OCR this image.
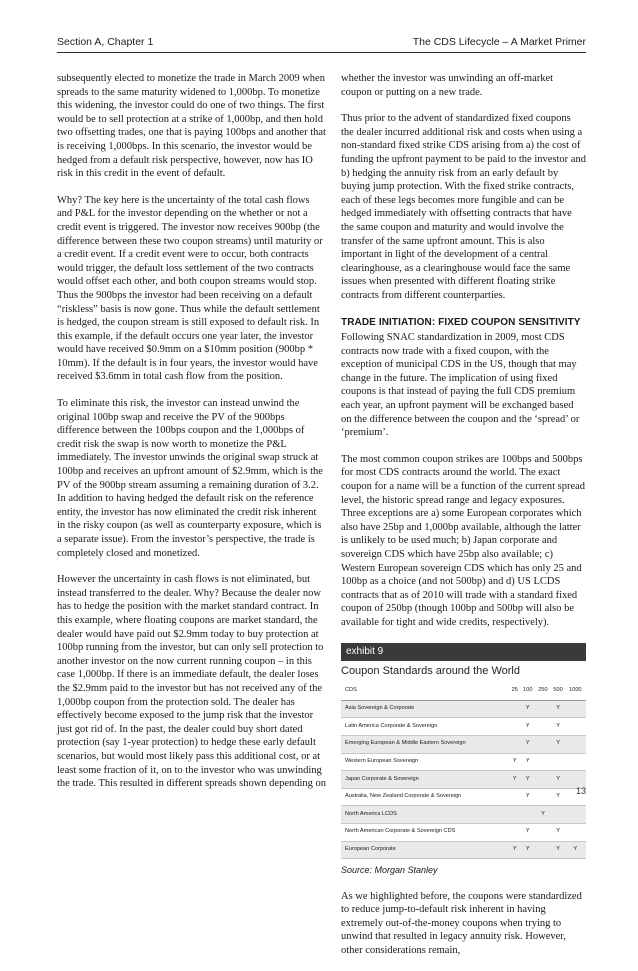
Section A, Chapter 1	The CDS Lifecycle – A Market Primer

subsequently elected to monetize the trade in March 2009 when spreads to the same maturity widened to 1,000bp. To monetize this widening, the investor could do one of two things. The first would be to sell protection at a strike of 1,000bp, and then hold two offsetting trades, one that is paying 100bps and another that is receiving 1,000bps. In this scenario, the investor would be hedged from a default risk perspective, however, now has IO risk in this credit in the event of default.

Why? The key here is the uncertainty of the total cash flows and P&L for the investor depending on the whether or not a credit event is triggered. The investor now receives 900bp (the difference between these two coupon streams) until maturity or a credit event. If a credit event were to occur, both contracts would trigger, the default loss settlement of the two contracts would offset each other, and both coupon streams would stop. Thus the 900bps the investor had been receiving on a default “riskless” basis is now gone. Thus while the default settlement is hedged, the coupon stream is still exposed to default risk. In this example, if the default occurs one year later, the investor would have received $0.9mm on a $10mm position (900bp * 10mm). If the default is in four years, the investor would have received $3.6mm in total cash flow from the position.

To eliminate this risk, the investor can instead unwind the original 100bp swap and receive the PV of the 900bps difference between the 100bps coupon and the 1,000bps of credit risk the swap is now worth to monetize the P&L immediately. The investor unwinds the original swap struck at 100bp and receives an upfront amount of $2.9mm, which is the PV of the 900bp stream assuming a remaining duration of 3.2. In addition to having hedged the default risk on the reference entity, the investor has now eliminated the credit risk inherent in the risky coupon (as well as counterparty exposure, which is a separate issue). From the investor’s perspective, the trade is completely closed and monetized.

However the uncertainty in cash flows is not eliminated, but instead transferred to the dealer. Why? Because the dealer now has to hedge the position with the market standard contract. In this example, where floating coupons are market standard, the dealer would have paid out $2.9mm today to buy protection at 100bp running from the investor, but can only sell protection to another investor on the now current running coupon – in this case 1,000bp. If there is an immediate default, the dealer loses the $2.9mm paid to the investor but has not received any of the 1,000bp coupon from the protection sold. The dealer has effectively become exposed to the jump risk that the investor just got rid of. In the past, the dealer could buy short dated protection (say 1-year protection) to hedge these early default scenarios, but would most likely pass this additional cost, or at least some fraction of it, on to the investor who was unwinding the trade. This resulted in different spreads shown depending on

whether the investor was unwinding an off-market coupon or putting on a new trade.

Thus prior to the advent of standardized fixed coupons the dealer incurred additional risk and costs when using a non-standard fixed strike CDS arising from a) the cost of funding the upfront payment to be paid to the investor and b) hedging the annuity risk from an early default by buying jump protection. With the fixed strike contracts, each of these legs becomes more fungible and can be hedged immediately with offsetting contracts that have the same coupon and maturity and would involve the transfer of the same upfront amount. This is also important in light of the development of a central clearinghouse, as a clearinghouse would face the same issues when presented with different floating strike contracts from different counterparties.

TRADE INITIATION: FIXED COUPON SENSITIVITY

Following SNAC standardization in 2009, most CDS contracts now trade with a fixed coupon, with the exception of municipal CDS in the US, though that may change in the future. The implication of using fixed coupons is that instead of paying the full CDS premium each year, an upfront payment will be exchanged based on the difference between the coupon and the ‘spread’ or ‘premium’.

The most common coupon strikes are 100bps and 500bps for most CDS contracts around the world. The exact coupon for a name will be a function of the current spread level, the historic spread range and legacy exposures. Three exceptions are a) some European corporates which also have 25bp and 1,000bp available, although the latter is unlikely to be used much; b) Japan corporate and sovereign CDS which have 25bp also available; c) Western European sovereign CDS which has only 25 and 100bp as a choice (and not 500bp) and d) US LCDS contracts that as of 2010 will trade with a standard fixed coupon of 250bp (though 100bp and 500bp will also be available for tight and wide credits, respectively).

exhibit 9
Coupon Standards around the World
CDS	25	100	250	500	1000
Asia Sovereign & Corporate		Y		Y	
Latin America Corporate & Sovereign		Y		Y	
Emerging European & Middle Eastern Sovereign		Y		Y	
Western European Sovereign	Y	Y			
Japan Corporate & Sovereign	Y	Y		Y	
Australia, New Zealand Corporate & Sovereign		Y		Y	
North America LCDS			Y		
North American Corporate & Sovereign CDS		Y		Y	
European Corporate	Y	Y		Y	Y
Source: Morgan Stanley

As we highlighted before, the coupons were standardized to reduce jump-to-default risk inherent in having extremely out-of-the-money coupons when trying to unwind that resulted in legacy annuity risk. However, other considerations remain,

13
